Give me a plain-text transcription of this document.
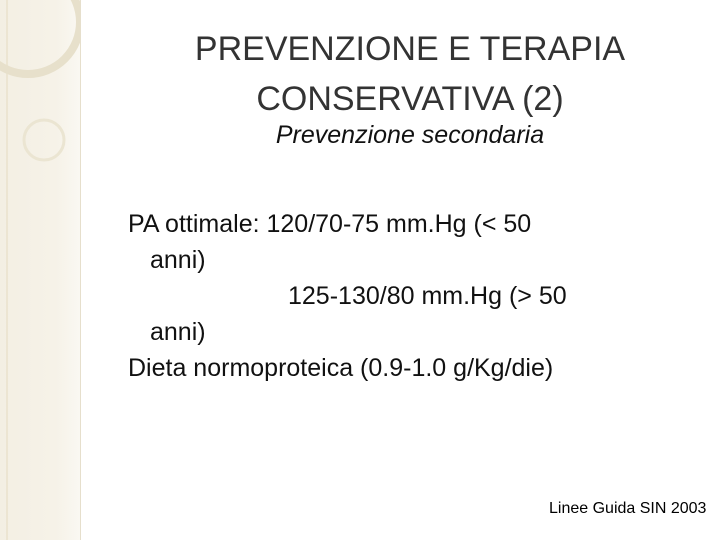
PREVENZIONE E TERAPIA
CONSERVATIVA (2)
Prevenzione secondaria
PA ottimale: 120/70-75 mm.Hg (< 50
anni)
125-130/80 mm.Hg (> 50
anni)
Dieta normoproteica (0.9-1.0 g/Kg/die)
Linee Guida SIN 2003
